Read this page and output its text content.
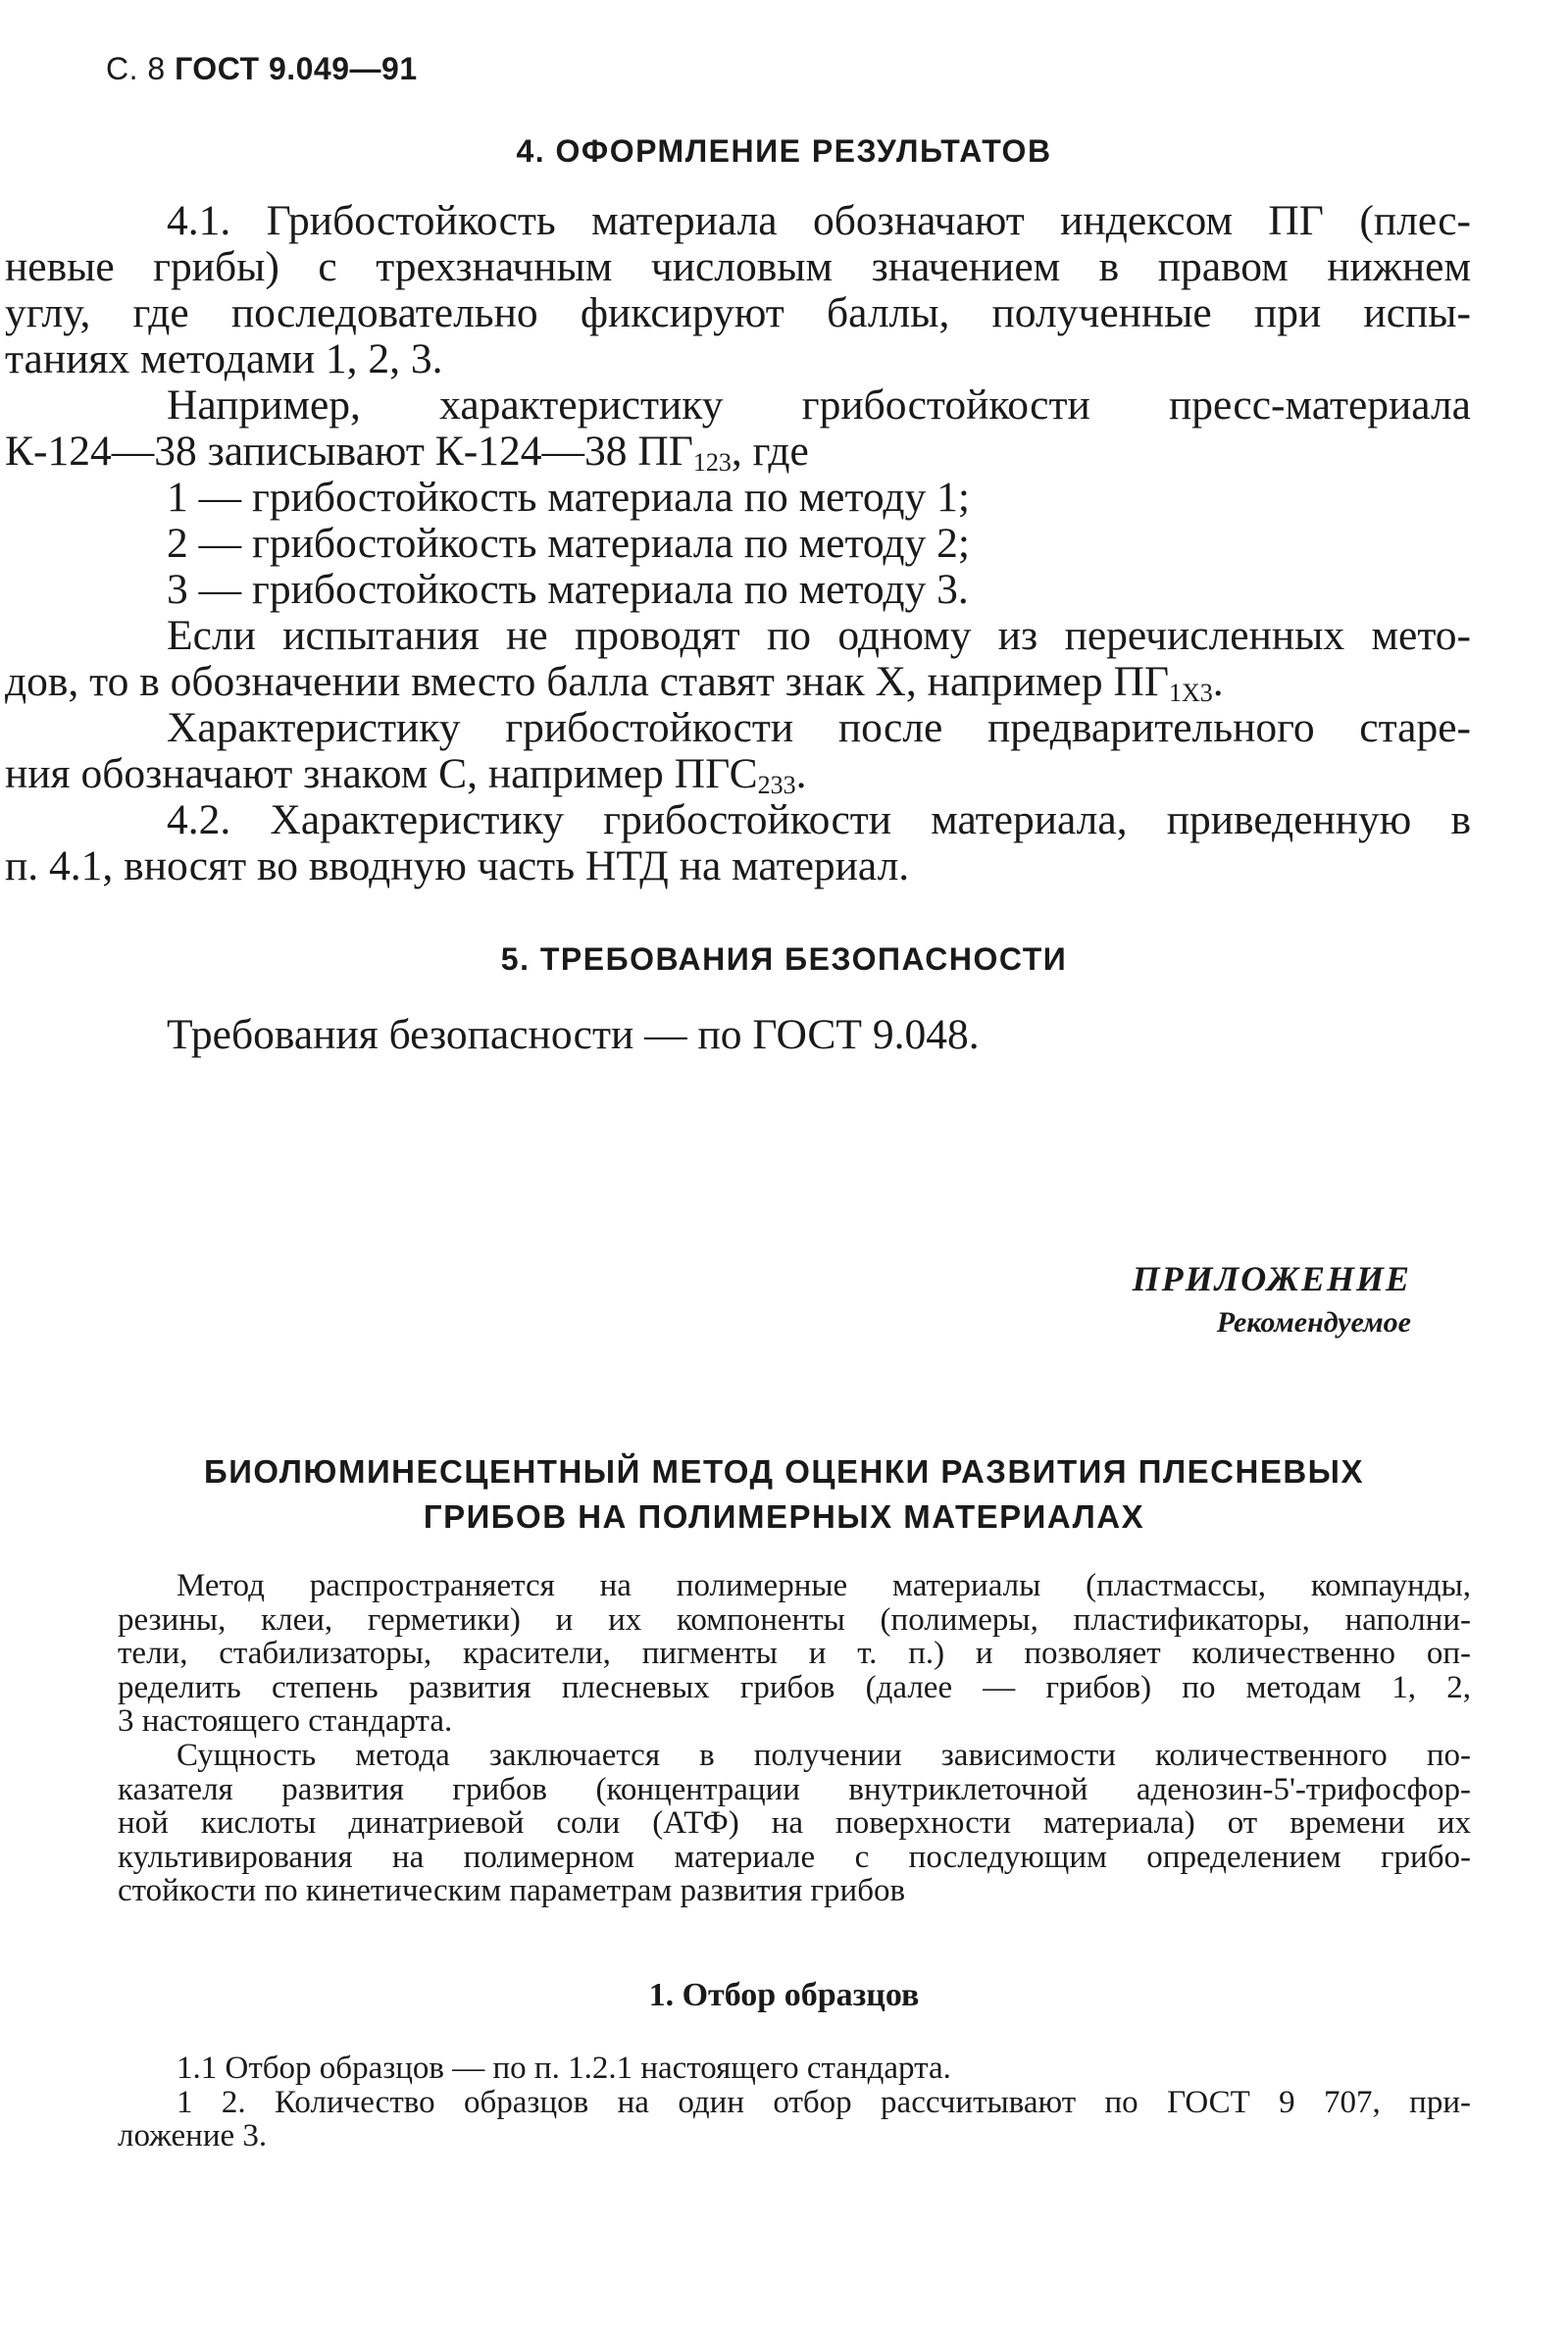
С. 8 ГОСТ 9.049—91
4. ОФОРМЛЕНИЕ РЕЗУЛЬТАТОВ
4.1. Грибостойкость материала обозначают индексом ПГ (плес-
невые грибы) с трехзначным числовым значением в правом нижнем
углу, где последовательно фиксируют баллы, полученные при испы-
таниях методами 1, 2, 3.
Например, характеристику грибостойкости пресс-материала
К-124—38 записывают К-124—38 $ПГ_{123}$, где
1 — грибостойкость материала по методу 1;
2 — грибостойкость материала по методу 2;
3 — грибостойкость материала по методу 3.
Если испытания не проводят по одному из перечисленных мето-
дов, то в обозначении вместо балла ставят знак X, например $ПГ_{1Х3}$.
Характеристику грибостойкости после предварительного старе-
ния обозначают знаком С, например $ПГС_{233}$.
4.2. Характеристику грибостойкости материала, приведенную в
п. 4.1, вносят во вводную часть НТД на материал.
5. ТРЕБОВАНИЯ БЕЗОПАСНОСТИ
Требования безопасности — по ГОСТ 9.048.
ПРИЛОЖЕНИЕ
Рекомендуемое
БИОЛЮМИНЕСЦЕНТНЫЙ МЕТОД ОЦЕНКИ РАЗВИТИЯ ПЛЕСНЕВЫХ
ГРИБОВ НА ПОЛИМЕРНЫХ МАТЕРИАЛАХ
Метод распространяется на полимерные материалы (пластмассы, компаунды,
резины, клеи, герметики) и их компоненты (полимеры, пластификаторы, наполни-
тели, стабилизаторы, красители, пигменты и т. п.) и позволяет количественно оп-
ределить степень развития плесневых грибов (далее — грибов) по методам 1, 2,
3 настоящего стандарта.
Сущность метода заключается в получении зависимости количественного по-
казателя развития грибов (концентрации внутриклеточной аденозин-5'-трифосфор-
ной кислоты динатриевой соли (АТФ) на поверхности материала) от времени их
культивирования на полимерном материале с последующим определением грибо-
стойкости по кинетическим параметрам развития грибов
1. Отбор образцов
1.1 Отбор образцов — по п. 1.2.1 настоящего стандарта.
1 2. Количество образцов на один отбор рассчитывают по ГОСТ 9 707, при-
ложение 3.
